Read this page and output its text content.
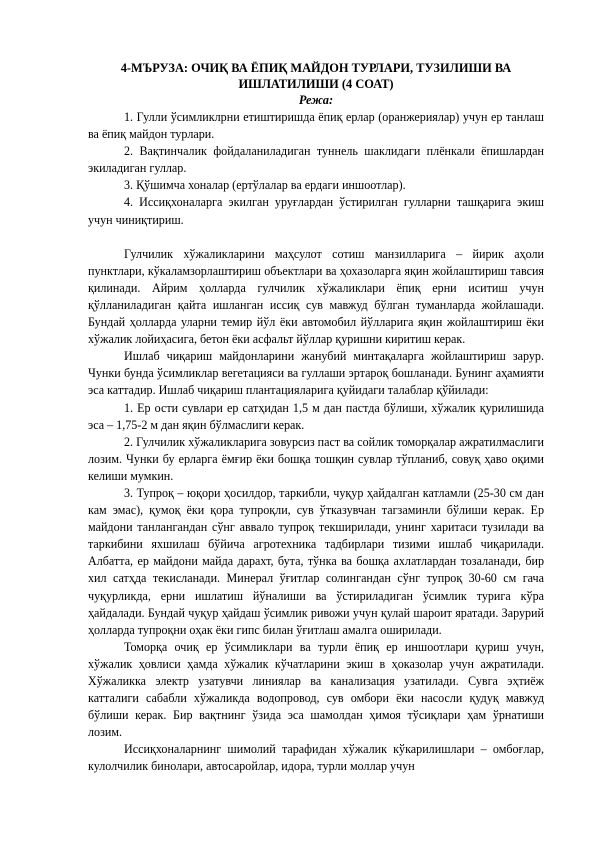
4-МЪРУЗА: ОЧИҚ ВА ЁПИҚ МАЙДОН ТУРЛАРИ, ТУЗИЛИШИ ВА ИШЛАТИЛИШИ (4 СОАТ)
Режа:

1. Гулли ўсимликлрни етиштиришда ёпиқ ерлар (оранжериялар) учун ер танлаш ва ёпиқ майдон турлари.

2. Вақтинчалик фойдаланиладиган туннель шаклидаги плёнкали ёпишлардан экиладиган гуллар.

3. Қўшимча хоналар (ертўлалар ва ердаги иншоотлар).

4. Иссиқхоналарга экилган уруғлардан ўстирилган гулларни ташқарига экиш учун чиниқтириш.

Гулчилик хўжаликларини маҳсулот сотиш манзилларига – йирик аҳоли пунктлари, кўкаламзорлаштириш объектлари ва ҳохазоларга яқин жойлаштириш тавсия қилинади. Айрим ҳолларда гулчилик хўжаликлари ёпиқ ерни иситиш учун қўлланиладиган қайта ишланган иссиқ сув мавжуд бўлган туманларда жойлашади. Бундай ҳолларда уларни темир йўл ёки автомобил йўлларига яқин жойлаштириш ёки хўжалик лойиҳасига, бетон ёки асфальт йўллар қуришни киритиш керак.

Ишлаб чиқариш майдонларини жанубий минтақаларга жойлаштириш зарур. Чунки бунда ўсимликлар вегетацияси ва гуллаши эртароқ бошланади. Бунинг аҳамияти эса каттадир. Ишлаб чиқариш плантацияларига қуйидаги талаблар қўйилади:

1. Ер ости сувлари ер сатҳидан 1,5 м дан пастда бўлиши, хўжалик қурилишида эса – 1,75-2 м дан яқин бўлмаслиги керак.

2. Гулчилик хўжаликларига зовурсиз паст ва сойлик томорқалар ажратилмаслиги лозим. Чунки бу ерларга ёмғир ёки бошқа тошқин сувлар тўпланиб, совуқ ҳаво оқими келиши мумкин.

3. Тупроқ – юқори ҳосилдор, таркибли, чуқур ҳайдалган катламли (25-30 см дан кам эмас), қумоқ ёки қора тупроқли, сув ўтказувчан тагзаминли бўлиши керак. Ер майдони танлангандан сўнг аввало тупроқ текширилади, унинг харитаси тузилади ва таркибини яхшилаш бўйича агротехника тадбирлари тизими ишлаб чиқарилади. Албатта, ер майдони майда дарахт, бута, тўнка ва бошқа ахлатлардан тозаланади, бир хил сатҳда текисланади. Минерал ўғитлар солингандан сўнг тупроқ 30-60 см гача чуқурликда, ерни ишлатиш йўналиши ва ўстириладиган ўсимлик турига кўра ҳайдалади. Бундай чуқур ҳайдаш ўсимлик ривожи учун қулай шароит яратади. Зарурий ҳолларда тупроқни оҳак ёки гипс билан ўғитлаш амалга оширилади.

Томорқа очиқ ер ўсимликлари ва турли ёпиқ ер иншоотлари қуриш учун, хўжалик ҳовлиси ҳамда хўжалик кўчатларини экиш в ҳоказолар учун ажратилади. Хўжаликка электр узатувчи линиялар ва канализация узатилади. Сувга эҳтиёж катталиги сабабли хўжаликда водопровод, сув омбори ёки насосли қудуқ мавжуд бўлиши керак. Бир вақтнинг ўзида эса шамолдан ҳимоя тўсиқлари ҳам ўрнатиши лозим.

Иссиқхоналарнинг шимолий тарафидан хўжалик кўкарилишлари – омбоғлар, кулолчилик бинолари, автосаройлар, идора, турли моллар учун
